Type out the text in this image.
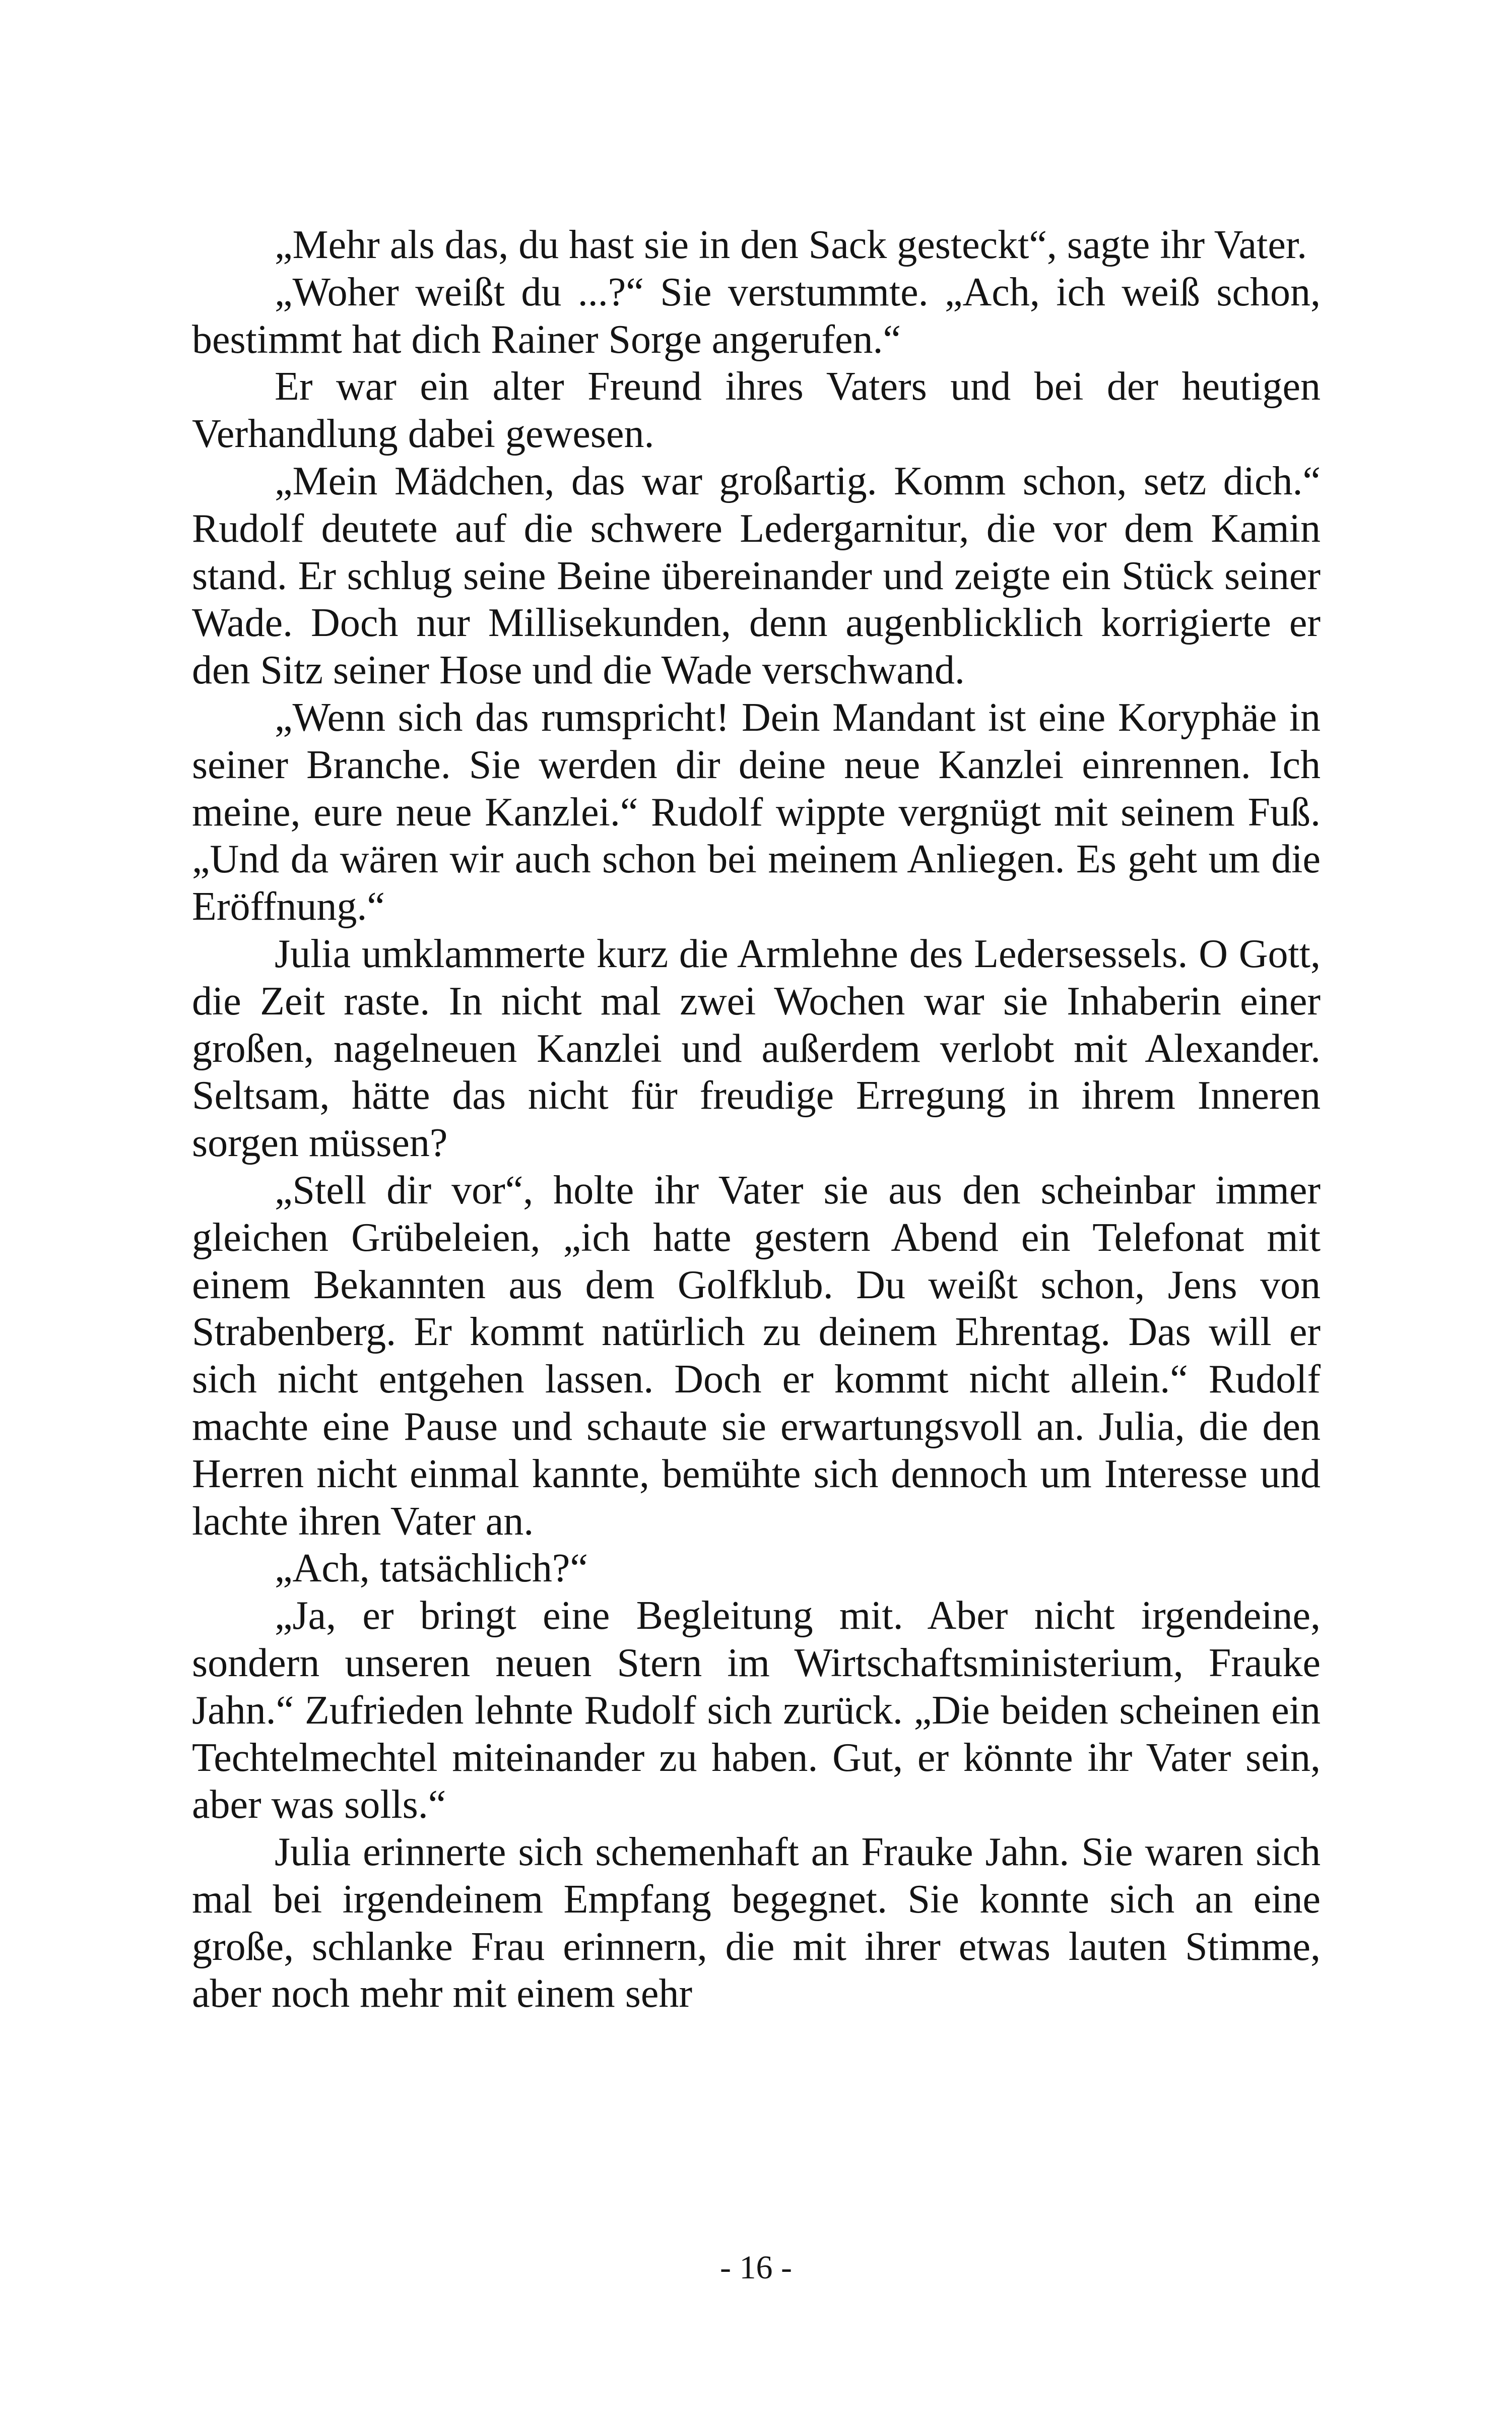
„Mehr als das, du hast sie in den Sack gesteckt“, sagte ihr Vater.

„Woher weißt du ...?“ Sie verstummte. „Ach, ich weiß schon, bestimmt hat dich Rainer Sorge angerufen.“

Er war ein alter Freund ihres Vaters und bei der heutigen Verhandlung dabei gewesen.

„Mein Mädchen, das war großartig. Komm schon, setz dich.“ Rudolf deutete auf die schwere Ledergarnitur, die vor dem Kamin stand. Er schlug seine Beine übereinander und zeigte ein Stück seiner Wade. Doch nur Millisekunden, denn augenblicklich korrigierte er den Sitz seiner Hose und die Wade verschwand.

„Wenn sich das rumspricht! Dein Mandant ist eine Koryphäe in seiner Branche. Sie werden dir deine neue Kanzlei einrennen. Ich meine, eure neue Kanzlei.“ Rudolf wippte vergnügt mit seinem Fuß. „Und da wären wir auch schon bei meinem Anliegen. Es geht um die Eröffnung.“

Julia umklammerte kurz die Armlehne des Ledersessels. O Gott, die Zeit raste. In nicht mal zwei Wochen war sie Inhaberin einer großen, nagelneuen Kanzlei und außerdem verlobt mit Alexander. Seltsam, hätte das nicht für freudige Erregung in ihrem Inneren sorgen müssen?

„Stell dir vor“, holte ihr Vater sie aus den scheinbar immer gleichen Grübeleien, „ich hatte gestern Abend ein Telefonat mit einem Bekannten aus dem Golfklub. Du weißt schon, Jens von Strabenberg. Er kommt natürlich zu deinem Ehrentag. Das will er sich nicht entgehen lassen. Doch er kommt nicht allein.“ Rudolf machte eine Pause und schaute sie erwartungsvoll an. Julia, die den Herren nicht einmal kannte, bemühte sich dennoch um Interesse und lachte ihren Vater an.

„Ach, tatsächlich?“

„Ja, er bringt eine Begleitung mit. Aber nicht irgendeine, sondern unseren neuen Stern im Wirtschaftsministerium, Frauke Jahn.“ Zufrieden lehnte Rudolf sich zurück. „Die beiden scheinen ein Techtelmechtel miteinander zu haben. Gut, er könnte ihr Vater sein, aber was solls.“

Julia erinnerte sich schemenhaft an Frauke Jahn. Sie waren sich mal bei irgendeinem Empfang begegnet. Sie konnte sich an eine große, schlanke Frau erinnern, die mit ihrer etwas lauten Stimme, aber noch mehr mit einem sehr

- 16 -
